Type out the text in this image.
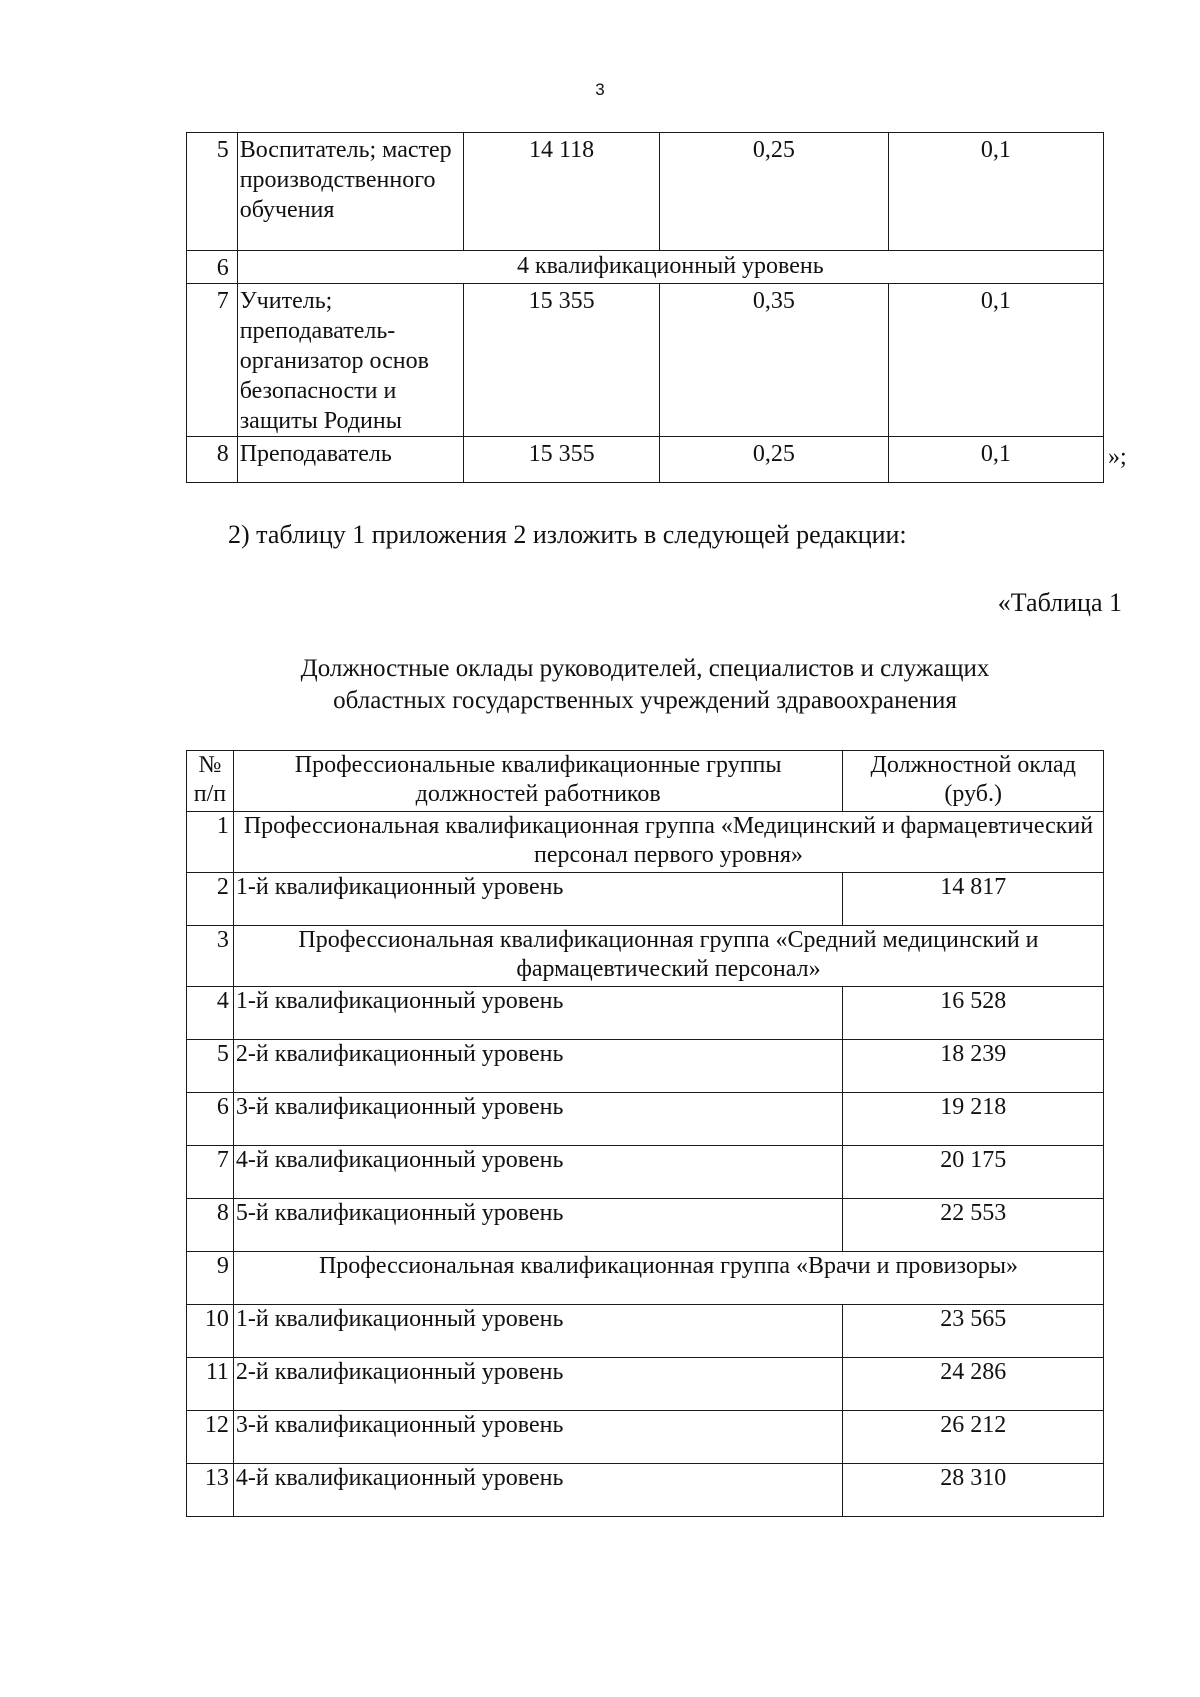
3
5	Воспитатель; мастер производственного обучения	14 118	0,25	0,1
6	4 квалификационный уровень			
7	Учитель; преподаватель-организатор основ безопасности и защиты Родины	15 355	0,35	0,1
8	Преподаватель	15 355	0,25	0,1	»;
2) таблицу 1 приложения 2 изложить в следующей редакции:
«Таблица 1
Должностные оклады руководителей, специалистов и служащих
областных государственных учреждений здравоохранения
№ п/п	Профессиональные квалификационные группы должностей работников	Должностной оклад (руб.)
1	Профессиональная квалификационная группа «Медицинский и фармацевтический персонал первого уровня»	
2	1-й квалификационный уровень	14 817
3	Профессиональная квалификационная группа «Средний медицинский и фармацевтический персонал»	
4	1-й квалификационный уровень	16 528
5	2-й квалификационный уровень	18 239
6	3-й квалификационный уровень	19 218
7	4-й квалификационный уровень	20 175
8	5-й квалификационный уровень	22 553
9	Профессиональная квалификационная группа «Врачи и провизоры»	
10	1-й квалификационный уровень	23 565
11	2-й квалификационный уровень	24 286
12	3-й квалификационный уровень	26 212
13	4-й квалификационный уровень	28 310
